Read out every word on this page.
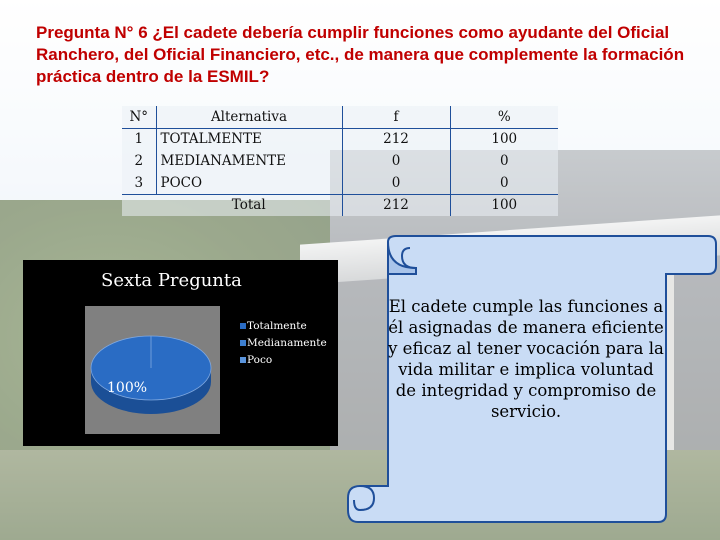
Pregunta N° 6 ¿El cadete debería cumplir funciones como ayudante del Oficial Ranchero, del Oficial Financiero, etc., de manera que complemente la formación práctica dentro de la ESMIL?
N°	Alternativa	f	%
1	TOTALMENTE	212	100
2	MEDIANAMENTE	0	0
3	POCO	0	0
	Total	212	100
Sexta Pregunta
100%
Totalmente
Medianamente
Poco
El cadete cumple las funciones a él asignadas de manera eficiente y eficaz al tener vocación para la vida militar e implica voluntad de integridad y compromiso de servicio.
